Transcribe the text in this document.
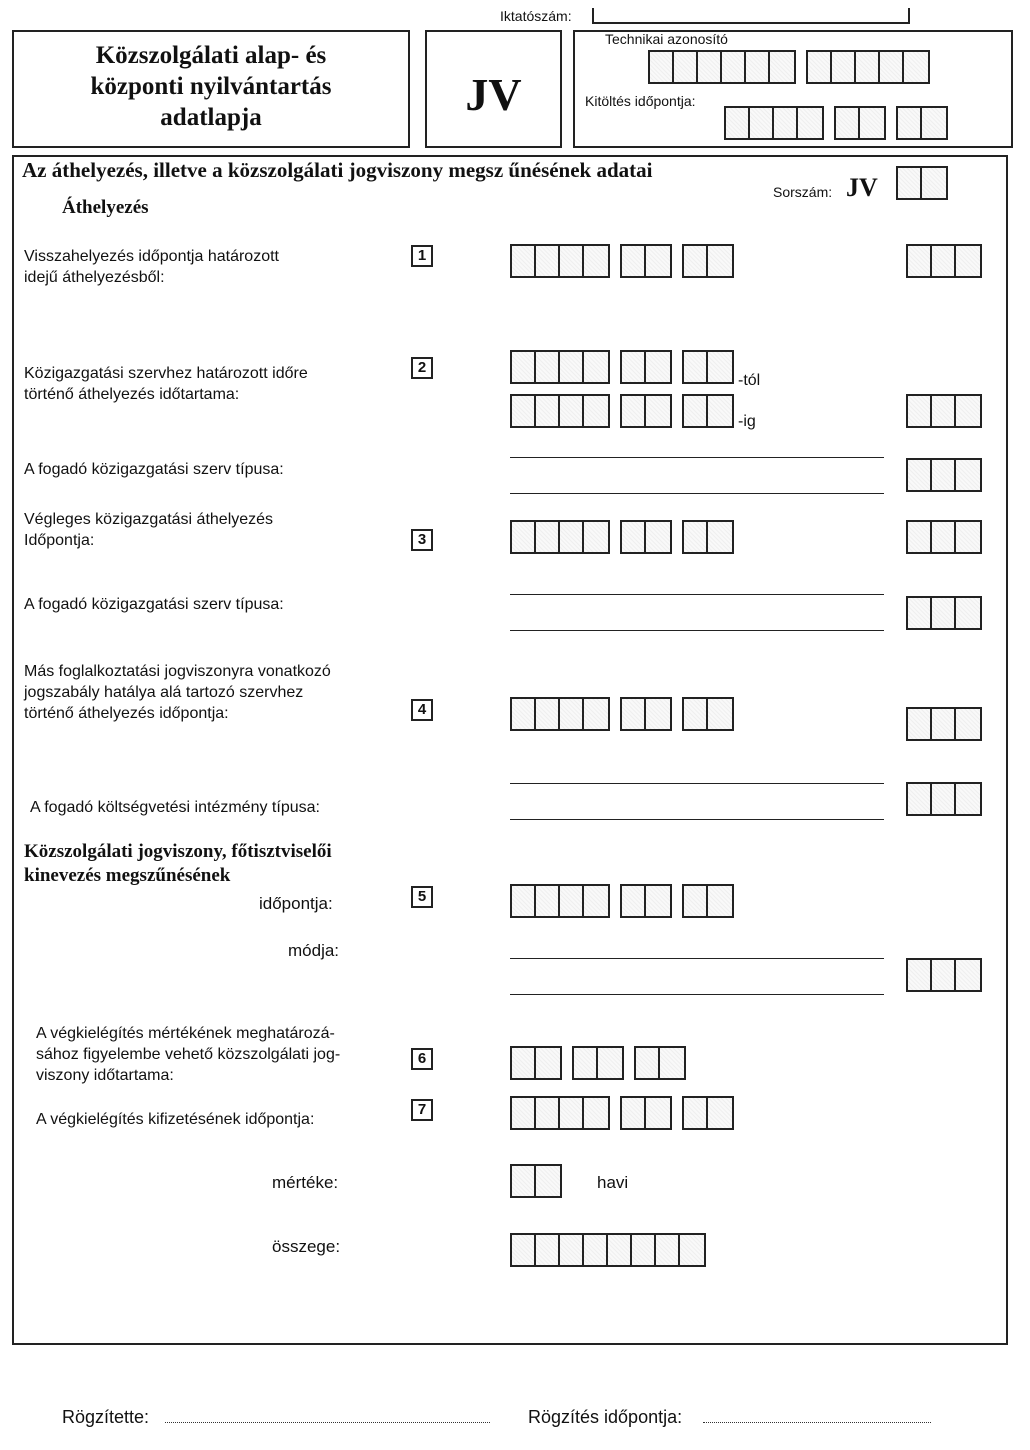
Iktatószám:
Közszolgálati alap- és
központi nyilvántartás
adatlapja	JV
Technikai azonosító
Kitöltés időpontja:
Az áthelyezés, illetve a közszolgálati jogviszony megsz űnésének adatai
Sorszám: JV
Áthelyezés
Visszahelyezés időpontja határozott
idejű áthelyezésből:
1
Közigazgatási szervhez határozott időre
történő áthelyezés időtartama:
2
-tól
-ig
A fogadó közigazgatási szerv típusa:
Végleges közigazgatási áthelyezés
Időpontja:	3
A fogadó közigazgatási szerv típusa:
Más foglalkoztatási jogviszonyra vonatkozó
jogszabály hatálya alá tartozó szervhez
történő áthelyezés időpontja:	4
A fogadó költségvetési intézmény típusa:
Közszolgálati jogviszony, főtisztviselői
kinevezés megszűnésének
időpontja:	5
módja:
A végkielégítés mértékének meghatározá-
sához figyelembe vehető közszolgálati jog-
viszony időtartama:
6
A végkielégítés kifizetésének időpontja:
7
mértéke:	havi
összege:
Rögzítette:	Rögzítés időpontja:
